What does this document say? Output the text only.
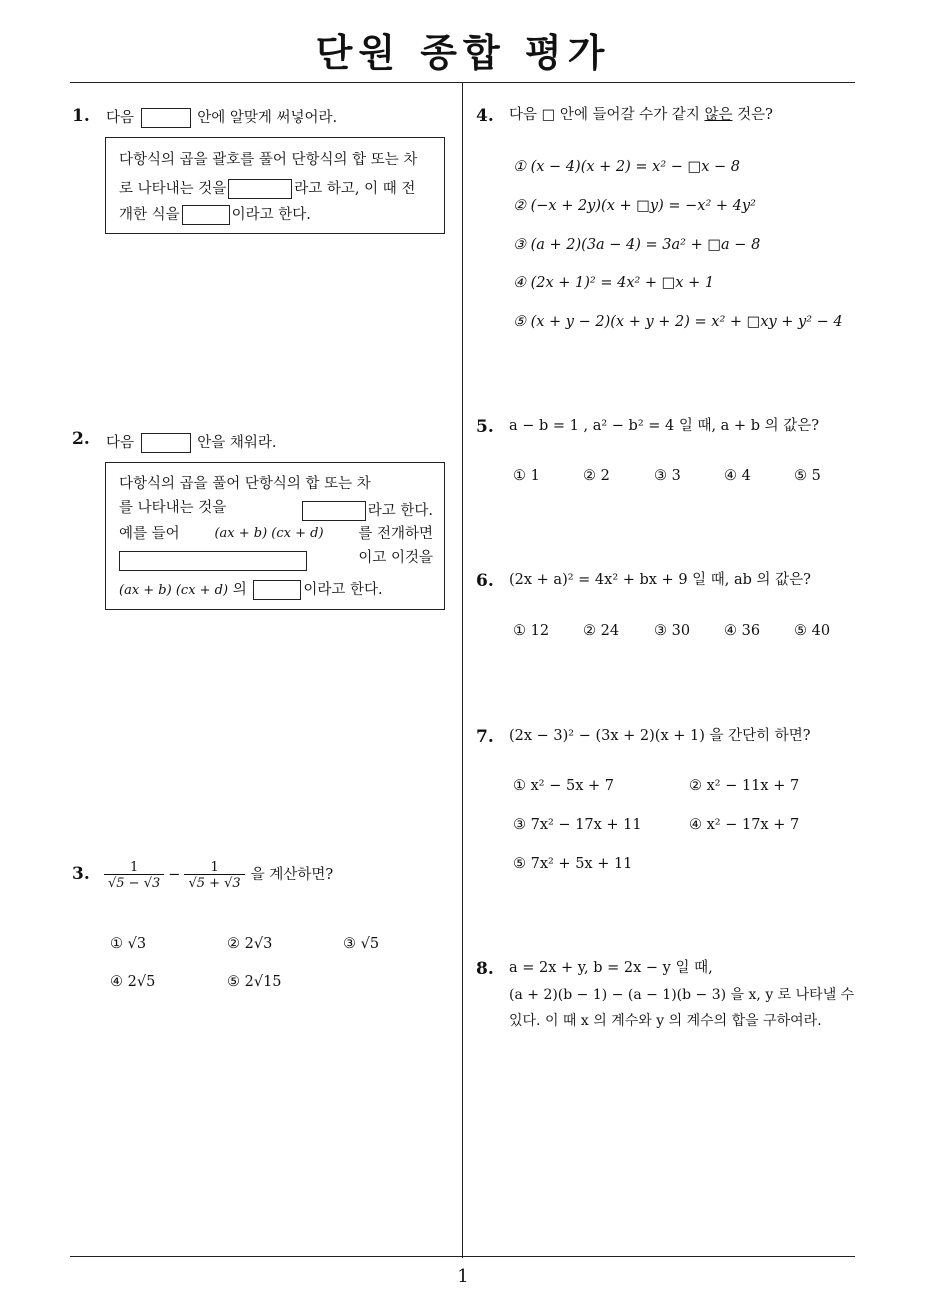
단원 종합 평가
1
1. 다음	안에 알맞게 써넣어라.
다항식의 곱을 괄호를 풀어 단항식의 합 또는 차
로 나타내는 것을	라고 하고, 이 때 전
개한 식을	이라고 한다.
2. 다음	안을 채워라.
다항식의 곱을 풀어 단항식의 합 또는 차
를 나타내는 것을	라고 한다.
예를 들어	(ax + b) (cx + d) 를 전개하면
이고 이것을
(ax + b) (cx + d) 의	이라고 한다.
3. $\frac{1}{√5 - √3} - \frac{1}{√5 + √3}$ 을 계산하면?
① √3	② 2√3	③ √5
④ 2√5	⑤ 2√15
4. 다음 □ 안에 들어갈 수가 같지 않은 것은?
① (x − 4)(x + 2) = x² − □x − 8
② (−x + 2y)(x + □y) = −x² + 4y²
③ (a + 2)(3a − 4) = 3a² + □a − 8
④ (2x + 1)² = 4x² + □x + 1
⑤ (x + y − 2)(x + y + 2) = x² + □xy + y² − 4
5. a − b = 1 , a² − b² = 4 일 때, a + b 의 값은?
① 1	② 2	③ 3	④ 4	⑤ 5
6. (2x + a)² = 4x² + bx + 9 일 때, ab 의 값은?
① 12 ② 24 ③ 30 ④ 36 ⑤ 40
7. (2x − 3)² − (3x + 2)(x + 1) 을 간단히 하면?
① x² − 5x + 7	② x² − 11x + 7
③ 7x² − 17x + 11	④ x² − 17x + 7
⑤ 7x² + 5x + 11
8. a = 2x + y, b = 2x − y 일 때,
(a + 2)(b − 1) − (a − 1)(b − 3) 을 x, y 로 나타낼 수
있다. 이 때 x 의 계수와 y 의 계수의 합을 구하여라.
